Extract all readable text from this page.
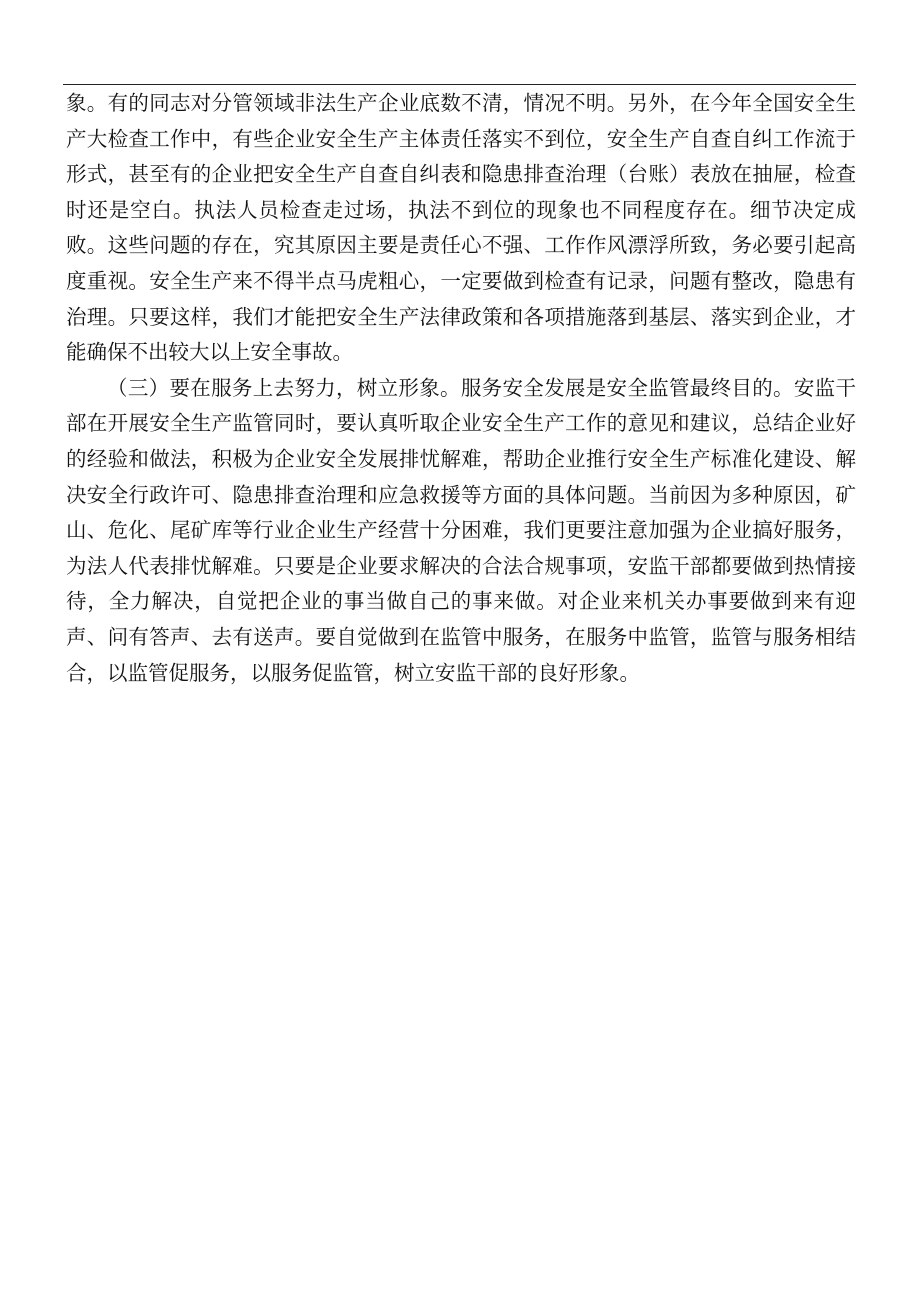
象。有的同志对分管领域非法生产企业底数不清，情况不明。另外，在今年全国安全生产大检查工作中，有些企业安全生产主体责任落实不到位，安全生产自查自纠工作流于形式，甚至有的企业把安全生产自查自纠表和隐患排查治理（台账）表放在抽屉，检查时还是空白。执法人员检查走过场，执法不到位的现象也不同程度存在。细节决定成败。这些问题的存在，究其原因主要是责任心不强、工作作风漂浮所致，务必要引起高度重视。安全生产来不得半点马虎粗心，一定要做到检查有记录，问题有整改，隐患有治理。只要这样，我们才能把安全生产法律政策和各项措施落到基层、落实到企业，才能确保不出较大以上安全事故。

（三）要在服务上去努力，树立形象。服务安全发展是安全监管最终目的。安监干部在开展安全生产监管同时，要认真听取企业安全生产工作的意见和建议，总结企业好的经验和做法，积极为企业安全发展排忧解难，帮助企业推行安全生产标准化建设、解决安全行政许可、隐患排查治理和应急救援等方面的具体问题。当前因为多种原因，矿山、危化、尾矿库等行业企业生产经营十分困难，我们更要注意加强为企业搞好服务，为法人代表排忧解难。只要是企业要求解决的合法合规事项，安监干部都要做到热情接待，全力解决，自觉把企业的事当做自己的事来做。对企业来机关办事要做到来有迎声、问有答声、去有送声。要自觉做到在监管中服务，在服务中监管，监管与服务相结合，以监管促服务，以服务促监管，树立安监干部的良好形象。
